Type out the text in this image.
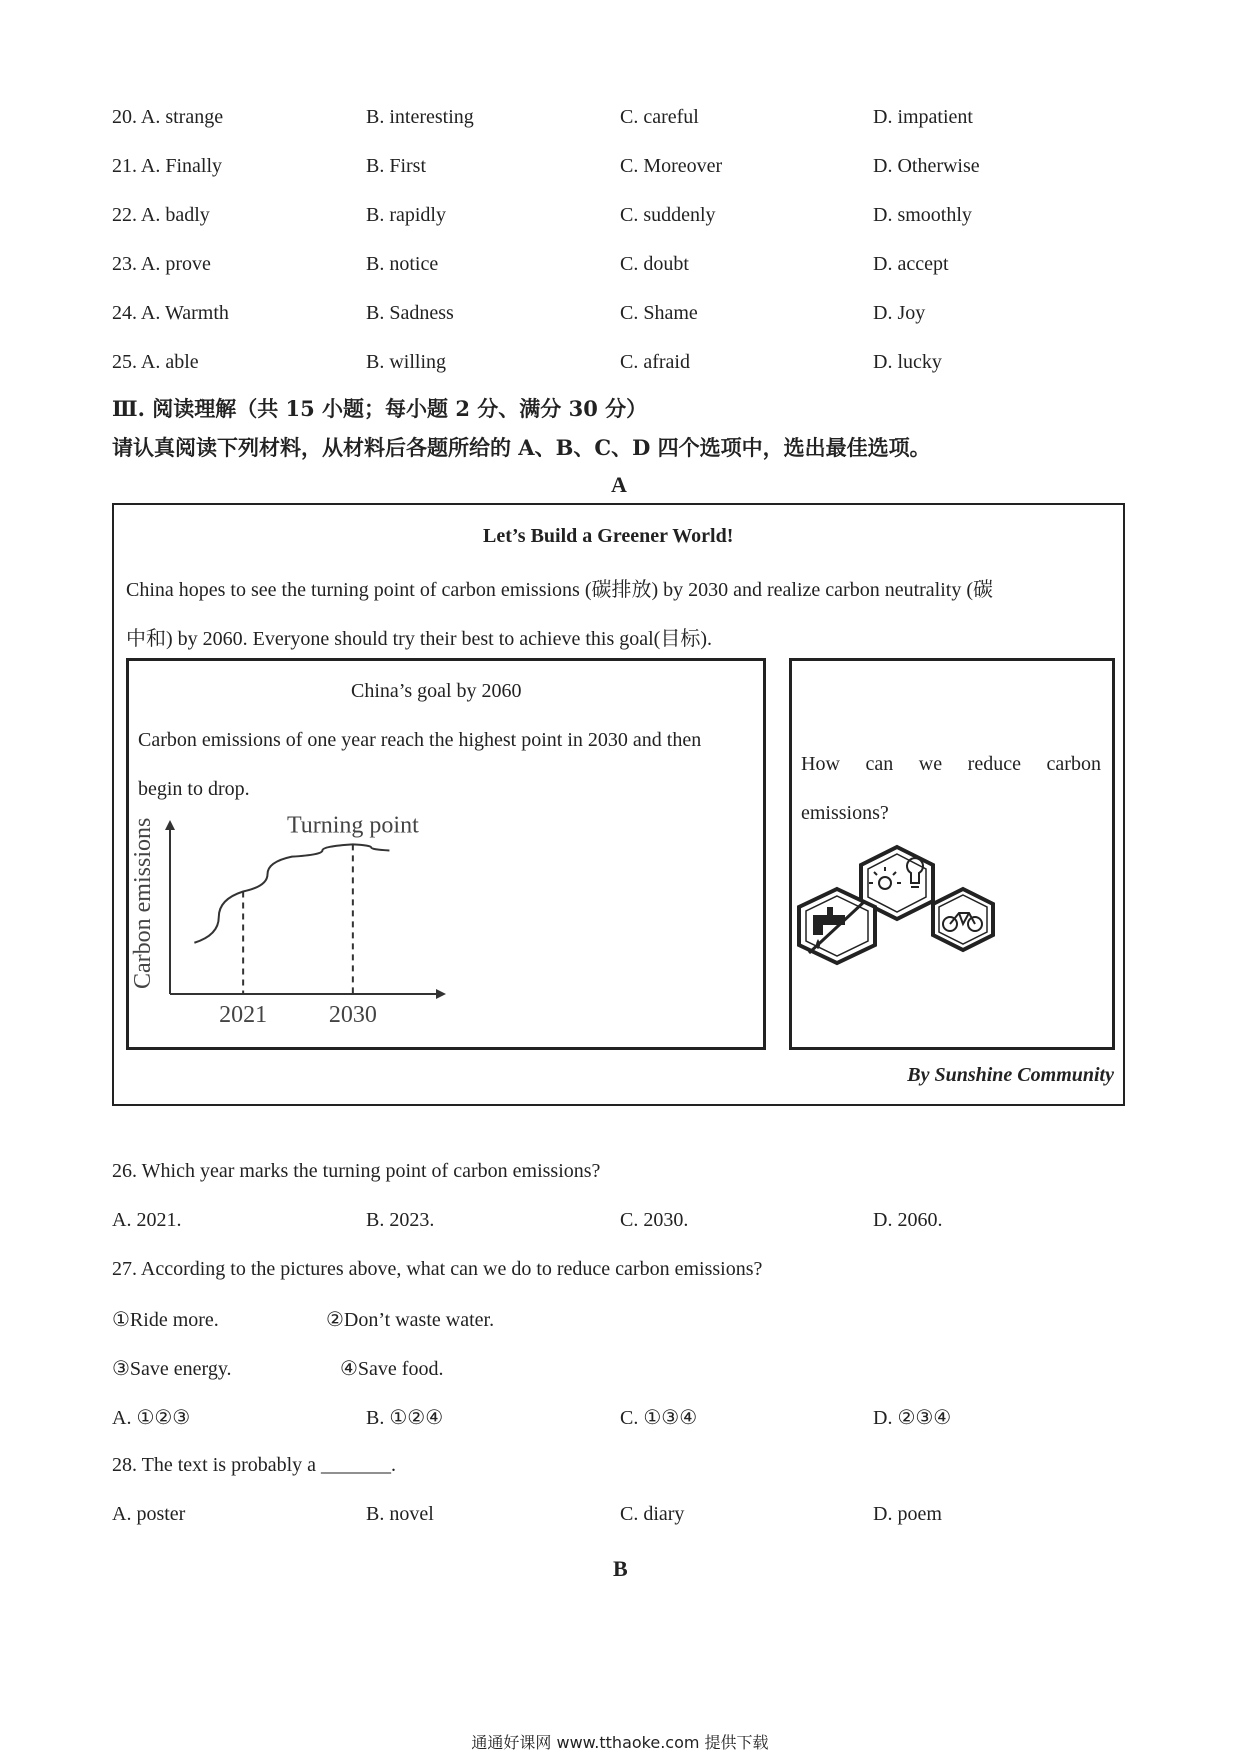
20. A. strange	B. interesting	C. careful	D. impatient
21. A. Finally	B. First	C. Moreover	D. Otherwise
22. A. badly	B. rapidly	C. suddenly	D. smoothly
23. A. prove	B. notice	C. doubt	D. accept
24. A. Warmth	B. Sadness	C. Shame	D. Joy
25. A. able	B. willing	C. afraid	D. lucky
Ⅲ. 阅读理解（共 15 小题；每小题 2 分、满分 30 分）
请认真阅读下列材料，从材料后各题所给的 A、B、C、D 四个选项中，选出最佳选项。
A
Let’s Build a Greener World!
China hopes to see the turning point of carbon emissions (碳排放) by 2030 and realize carbon neutrality (碳
中和) by 2060. Everyone should try their best to achieve this goal(目标).
China’s goal by 2060
Carbon emissions of one year reach the highest point in 2030 and then
begin to drop.
2021	2030
Turning point
Carbon emissions
How can we reduce carbon
emissions?
By Sunshine Community
26. Which year marks the turning point of carbon emissions?
A. 2021.	B. 2023.	C. 2030.	D. 2060.
27. According to the pictures above, what can we do to reduce carbon emissions?
①Ride more.	②Don’t waste water.
③Save energy.	④Save food.
A. ①②③	B. ①②④	C. ①③④	D. ②③④
28. The text is probably a _______.
A. poster	B. novel	C. diary	D. poem
B
通通好课网 www.tthaoke.com 提供下载
